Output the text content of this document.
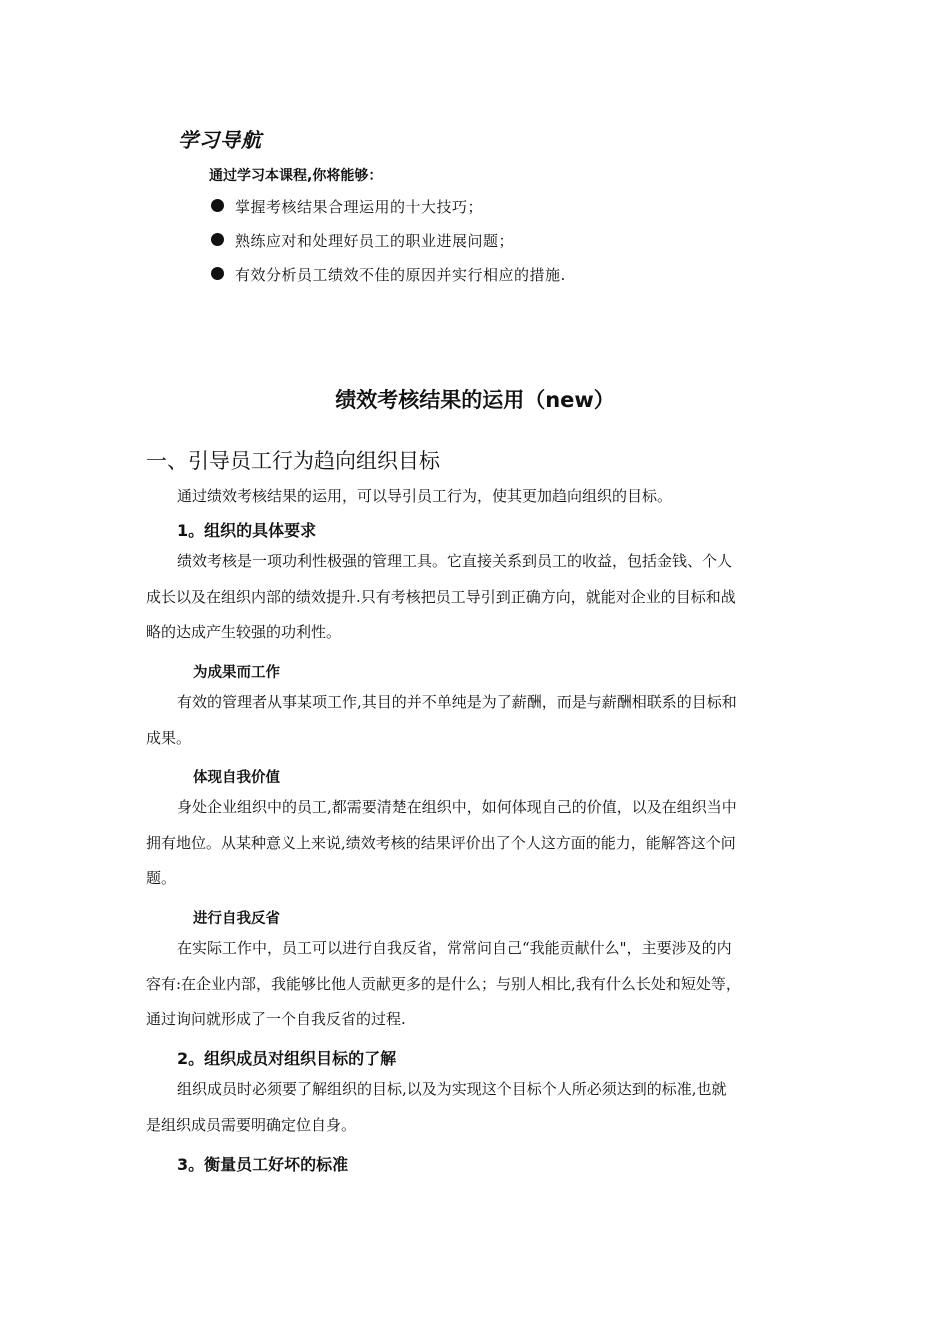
学习导航
通过学习本课程,你将能够：
掌握考核结果合理运用的十大技巧；
熟练应对和处理好员工的职业进展问题；
有效分析员工绩效不佳的原因并实行相应的措施.
绩效考核结果的运用（new）
一、引导员工行为趋向组织目标
通过绩效考核结果的运用，可以导引员工行为，使其更加趋向组织的目标。
1。组织的具体要求
绩效考核是一项功利性极强的管理工具。它直接关系到员工的收益，包括金钱、个人
成长以及在组织内部的绩效提升.只有考核把员工导引到正确方向，就能对企业的目标和战
略的达成产生较强的功利性。
为成果而工作
有效的管理者从事某项工作,其目的并不单纯是为了薪酬，而是与薪酬相联系的目标和
成果。
体现自我价值
身处企业组织中的员工,都需要清楚在组织中，如何体现自己的价值，以及在组织当中
拥有地位。从某种意义上来说,绩效考核的结果评价出了个人这方面的能力，能解答这个问
题。
进行自我反省
在实际工作中，员工可以进行自我反省，常常问自己“我能贡献什么"，主要涉及的内
容有:在企业内部，我能够比他人贡献更多的是什么；与别人相比,我有什么长处和短处等，
通过询问就形成了一个自我反省的过程.
2。组织成员对组织目标的了解
组织成员时必须要了解组织的目标,以及为实现这个目标个人所必须达到的标准,也就
是组织成员需要明确定位自身。
3。衡量员工好坏的标准
